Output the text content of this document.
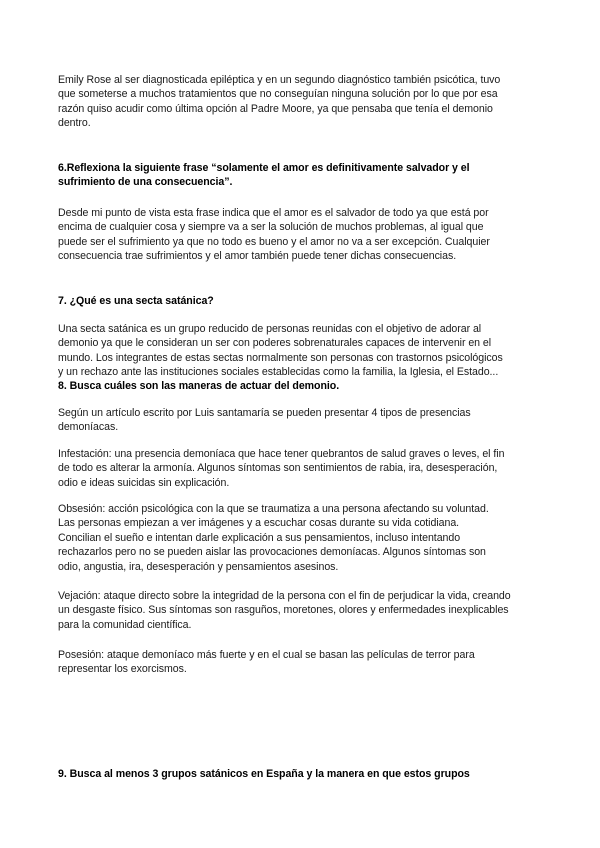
Emily Rose al ser diagnosticada epiléptica y en un segundo diagnóstico también psicótica, tuvo

que someterse a muchos tratamientos que no conseguían ninguna solución por lo que por esa

razón quiso acudir como última opción al Padre Moore, ya que pensaba que tenía el demonio

dentro.

6.Reflexiona la siguiente frase “solamente el amor es definitivamente salvador y el

sufrimiento de una consecuencia”.

Desde mi punto de vista esta frase indica que el amor es el salvador de todo ya que está por

encima de cualquier cosa y siempre va a ser la solución de muchos problemas, al igual que

puede ser el sufrimiento ya que no todo es bueno y el amor no va a ser excepción. Cualquier

consecuencia trae sufrimientos y el amor también puede tener dichas consecuencias.

7. ¿Qué es una secta satánica?

Una secta satánica es un grupo reducido de personas reunidas con el objetivo de adorar al

demonio ya que le consideran un ser con poderes sobrenaturales capaces de intervenir en el

mundo. Los integrantes de estas sectas normalmente son personas con trastornos psicológicos

y un rechazo ante las instituciones sociales establecidas como la familia, la Iglesia, el Estado...

8. Busca cuáles son las maneras de actuar del demonio.

Según un artículo escrito por Luis santamaría se pueden presentar 4 tipos de presencias

demoníacas.

Infestación: una presencia demoníaca que hace tener quebrantos de salud graves o leves, el fin

de todo es alterar la armonía. Algunos síntomas son sentimientos de rabia, ira, desesperación,

odio e ideas suicidas sin explicación.

Obsesión: acción psicológica con la que se traumatiza a una persona afectando su voluntad.

Las personas empiezan a ver imágenes y a escuchar cosas durante su vida cotidiana.

Concilian el sueño e intentan darle explicación a sus pensamientos, incluso intentando

rechazarlos pero no se pueden aislar las provocaciones demoníacas. Algunos síntomas son

odio, angustia, ira, desesperación y pensamientos asesinos.

Vejación: ataque directo sobre la integridad de la persona con el fin de perjudicar la vida, creando

un desgaste físico. Sus síntomas son rasguños, moretones, olores y enfermedades inexplicables

para la comunidad científica.

Posesión: ataque demoníaco más fuerte y en el cual se basan las películas de terror para

representar los exorcismos.

9. Busca al menos 3 grupos satánicos en España y la manera en que estos grupos
